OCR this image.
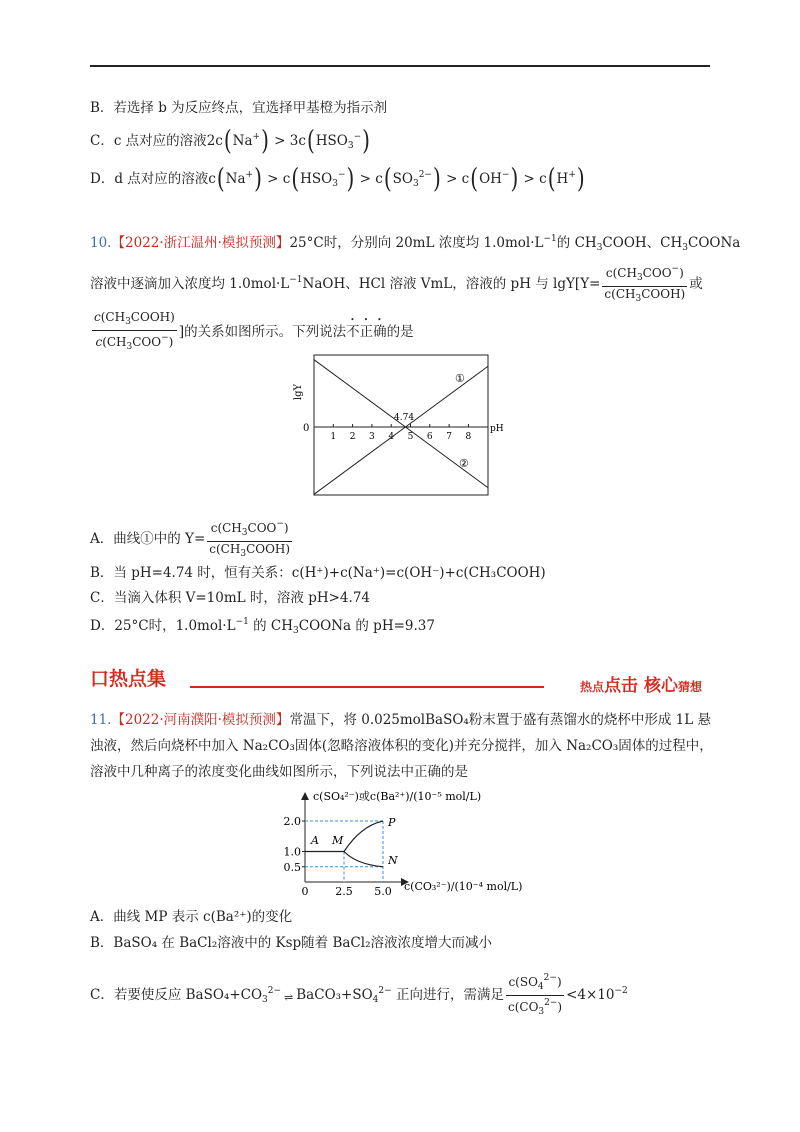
B．若选择 b 为反应终点，宜选择甲基橙为指示剂
C．c 点对应的溶液$2c(Na^+) > 3c(HSO_3^-)$
D．d 点对应的溶液$c(Na^+) > c(HSO_3^-) > c(SO_3^{2-}) > c(OH^-) > c(H^+)$
10.【2022·浙江温州·模拟预测】25°C时，分别向 20mL 浓度均 $1.0mol\cdot L^{-1}$的 $CH_3COOH$、$CH_3COONa$
溶液中逐滴加入浓度均 $1.0mol\cdot L^{-1}NaOH$、HCl 溶液 VmL，溶液的 pH 与 $\lg Y[Y= \frac{c(CH_3COO^-)}{c(CH_3COOH)}$ 或
$\frac{c(CH_3COOH)}{c(CH_3COO^-)}$ ]的关系如图所示。下列说法不正确的是
1 2 3 4 5 6 7 8
lgY
0	pH
4.74
①
②
A．曲线①中的 $Y= \frac{c(CH_3COO^-)}{c(CH_3COOH)}$
B．当 pH=4.74 时，恒有关系：c(H⁺)+c(Na⁺)=c(OH⁻)+c(CH₃COOH)
C．当滴入体积 V=10mL 时，溶液 pH>4.74
D．25°C时，$1.0mol\cdot L^{-1}$ 的 $CH_3COONa$ 的 pH=9.37
口热点集	热点点击 核心猜想
11.【2022·河南濮阳·模拟预测】常温下，将 0.025molBaSO₄粉末置于盛有蒸馏水的烧杯中形成 1L 悬
浊液，然后向烧杯中加入 Na₂CO₃固体(忽略溶液体积的变化)并充分搅拌，加入 Na₂CO₃固体的过程中，
溶液中几种离子的浓度变化曲线如图所示，下列说法中正确的是
2.0
1.0
0.5
0 2.5 5.0
c(SO₄²⁻)或c(Ba²⁺)/(10⁻⁵ mol/L)
c(CO₃²⁻)/(10⁻⁴ mol/L)
A M
P
N
A．曲线 MP 表示 c(Ba²⁺)的变化
B．BaSO₄ 在 BaCl₂溶液中的 Ksp随着 BaCl₂溶液浓度增大而减小
C．若要使反应 $BaSO_4+CO_3^{2-}$ ⇌ $BaCO_3+SO_4^{2-}$ 正向进行，需满足 $\frac{c(SO_4^{2-})}{c(CO_3^{2-})} <4\times 10^{-2}$
